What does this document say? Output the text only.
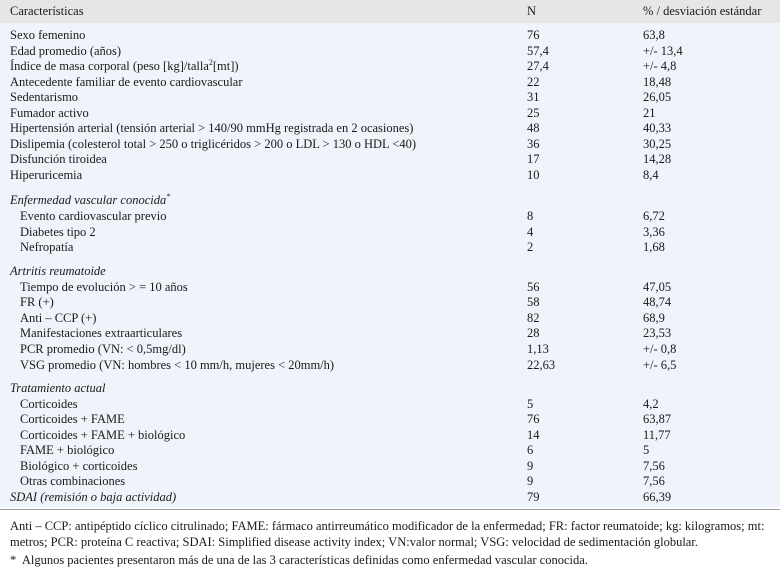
Características	N	% / desviación estándar
Sexo femenino	76	63,8
Edad promedio (años)	57,4	+/- 13,4
Índice de masa corporal (peso [kg]/talla$^2$[mt])	27,4	+/- 4,8
Antecedente familiar de evento cardiovascular	22	18,48
Sedentarismo	31	26,05
Fumador activo	25	21
Hipertensión arterial (tensión arterial > 140/90 mmHg registrada en 2 ocasiones)	48	40,33
Dislipemia (colesterol total > 250 o triglicéridos > 200 o LDL > 130 o HDL <40)	36	30,25
Disfunción tiroidea	17	14,28
Hiperuricemia	10	8,4
Enfermedad vascular conocida*
Evento cardiovascular previo	8	6,72
Diabetes tipo 2	4	3,36
Nefropatía	2	1,68
Artritis reumatoide
Tiempo de evolución > = 10 años	56	47,05
FR (+)	58	48,74
Anti – CCP (+)	82	68,9
Manifestaciones extraarticulares	28	23,53
PCR promedio (VN: < 0,5mg/dl)	1,13	+/- 0,8
VSG promedio (VN: hombres < 10 mm/h, mujeres < 20mm/h)	22,63	+/- 6,5
Tratamiento actual
Corticoides	5	4,2
Corticoides + FAME	76	63,87
Corticoides + FAME + biológico	14	11,77
FAME + biológico	6	5
Biológico + corticoides	9	7,56
Otras combinaciones	9	7,56
SDAI (remisión o baja actividad)	79	66,39
Anti – CCP: antipéptido cíclico citrulinado; FAME: fármaco antirreumático modificador de la enfermedad; FR: factor reumatoide; kg: kilogramos; mt: metros; PCR: proteína C reactiva; SDAI: Simplified disease activity index; VN:valor normal; VSG: velocidad de sedimentación globular.
* Algunos pacientes presentaron más de una de las 3 características definidas como enfermedad vascular conocida.
